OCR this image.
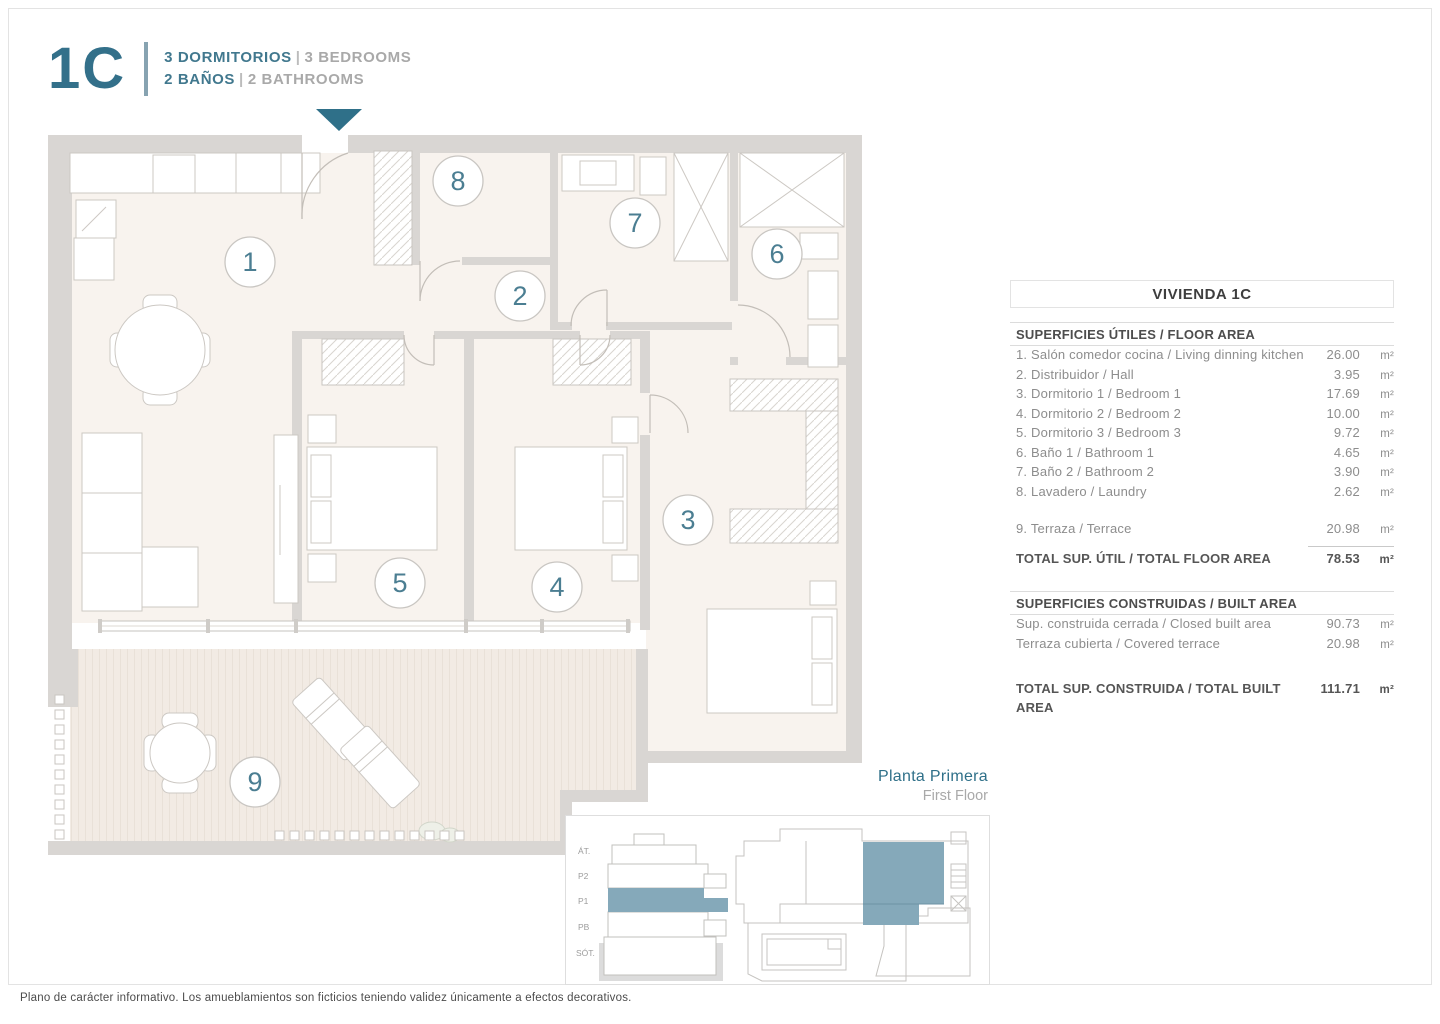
1C	3 DORMITORIOS | 3 BEDROOMS
2 BAÑOS | 2 BATHROOMS
1
8
2
7
6
5	4
3
9
VIVIENDA 1C
SUPERFICIES ÚTILES / FLOOR AREA
1. Salón comedor cocina / Living dinning kitchen	26.00	m²
2. Distribuidor / Hall	3.95	m²
3. Dormitorio 1 / Bedroom 1	17.69	m²
4. Dormitorio 2 / Bedroom 2	10.00	m²
5. Dormitorio 3 / Bedroom 3	9.72	m²
6. Baño 1 / Bathroom 1	4.65	m²
7. Baño 2 / Bathroom 2	3.90	m²
8. Lavadero / Laundry	2.62	m²
9. Terraza / Terrace	20.98	m²
TOTAL SUP. ÚTIL / TOTAL FLOOR AREA	78.53	m²
SUPERFICIES CONSTRUIDAS / BUILT AREA
Sup. construida cerrada / Closed built area	90.73	m²
Terraza cubierta / Covered terrace	20.98	m²
TOTAL SUP. CONSTRUIDA / TOTAL BUILT AREA
111.71	m²
Planta Primera
First Floor
ÁT.
P2
P1
PB
SÓT.
Plano de carácter informativo. Los amueblamientos son ficticios teniendo validez únicamente a efectos decorativos.
